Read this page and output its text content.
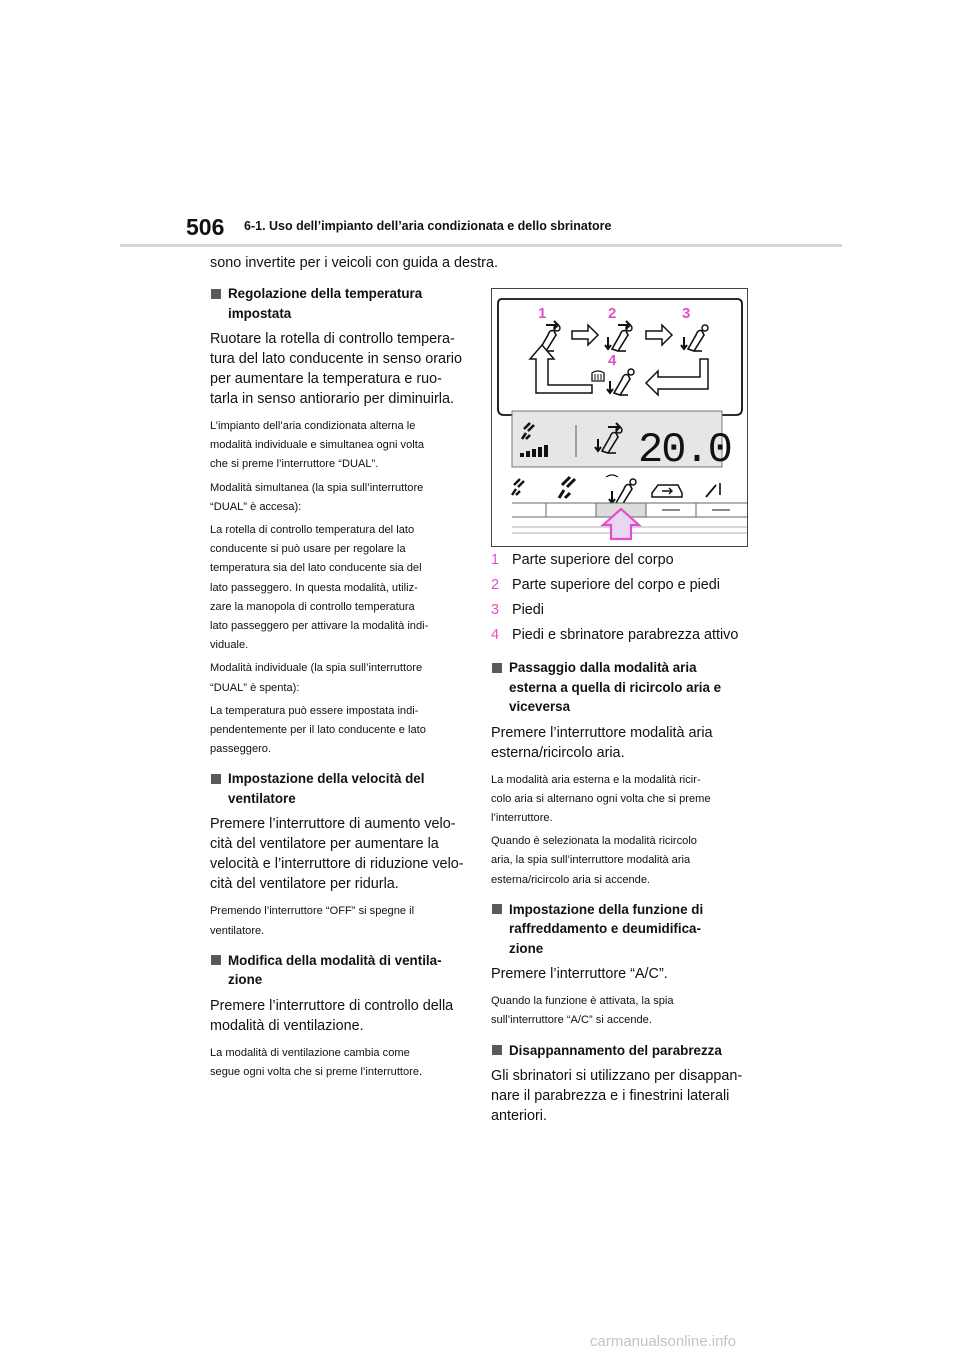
506 6-1. Uso dell’impianto dell’aria condizionata e dello sbrinatore

sono invertite per i veicoli con guida a destra.

Regolazione della temperatura
impostata

Ruotare la rotella di controllo tempera-
tura del lato conducente in senso orario
per aumentare la temperatura e ruo-
tarla in senso antiorario per diminuirla.

L’impianto dell’aria condizionata alterna le
modalità individuale e simultanea ogni volta
che si preme l’interruttore “DUAL”.

Modalità simultanea (la spia sull’interruttore
“DUAL” è accesa):

La rotella di controllo temperatura del lato
conducente si può usare per regolare la
temperatura sia del lato conducente sia del
lato passeggero. In questa modalità, utiliz-
zare la manopola di controllo temperatura
lato passeggero per attivare la modalità indi-
viduale.

Modalità individuale (la spia sull’interruttore
“DUAL” è spenta):

La temperatura può essere impostata indi-
pendentemente per il lato conducente e lato
passeggero.

Impostazione della velocità del
ventilatore

Premere l’interruttore di aumento velo-
cità del ventilatore per aumentare la
velocità e l’interruttore di riduzione velo-
cità del ventilatore per ridurla.

Premendo l’interruttore “OFF” si spegne il
ventilatore.

Modifica della modalità di ventila-
zione

Premere l’interruttore di controllo della
modalità di ventilazione.

La modalità di ventilazione cambia come
segue ogni volta che si preme l’interruttore.

1	2	3
4
20.0

1 Parte superiore del corpo

2 Parte superiore del corpo e piedi

3 Piedi

4 Piedi e sbrinatore parabrezza attivo

Passaggio dalla modalità aria
esterna a quella di ricircolo aria e
viceversa

Premere l’interruttore modalità aria
esterna/ricircolo aria.

La modalità aria esterna e la modalità ricir-
colo aria si alternano ogni volta che si preme
l’interruttore.

Quando è selezionata la modalità ricircolo
aria, la spia sull’interruttore modalità aria
esterna/ricircolo aria si accende.

Impostazione della funzione di
raffreddamento e deumidifica-
zione

Premere l’interruttore “A/C”.

Quando la funzione è attivata, la spia
sull’interruttore “A/C” si accende.

Disappannamento del parabrezza

Gli sbrinatori si utilizzano per disappan-
nare il parabrezza e i finestrini laterali
anteriori.

carmanualsonline.info
